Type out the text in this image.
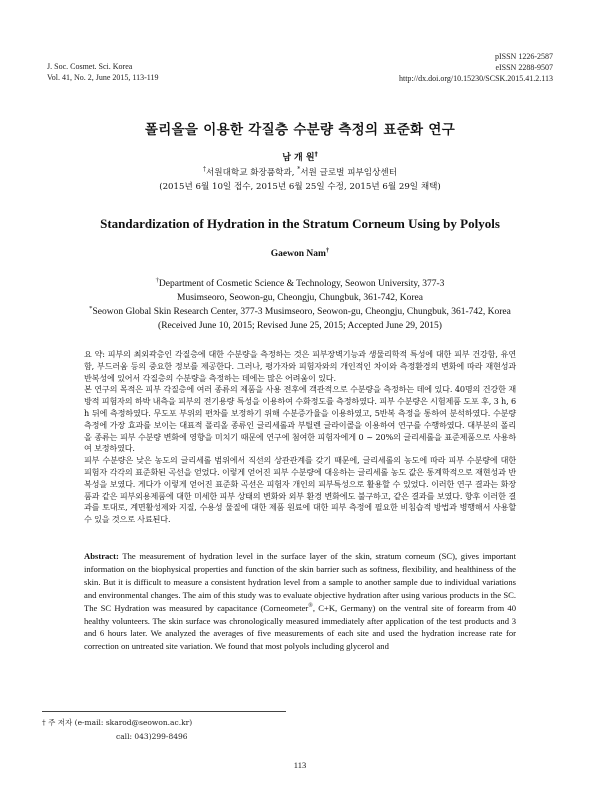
J. Soc. Cosmet. Sci. Korea
Vol. 41, No. 2, June 2015, 113-119
pISSN 1226-2587
eISSN 2288-9507
http://dx.doi.org/10.15230/SCSK.2015.41.2.113
폴리올을 이용한 각질층 수분량 측정의 표준화 연구
남 개 원†
†서원대학교 화장품학과, *서원 글로벌 피부임상센터
(2015년 6월 10일 접수, 2015년 6월 25일 수정, 2015년 6월 29일 채택)
Standardization of Hydration in the Stratum Corneum Using by Polyols
Gaewon Nam†
†Department of Cosmetic Science & Technology, Seowon University, 377-3
Musimseoro, Seowon-gu, Cheongju, Chungbuk, 361-742, Korea
*Seowon Global Skin Research Center, 377-3 Musimseoro, Seowon-gu, Cheongju, Chungbuk, 361-742, Korea
(Received June 10, 2015; Revised June 25, 2015; Accepted June 29, 2015)

요 약: 피부의 최외곽층인 각질층에 대한 수분량을 측정하는 것은 피부장벽기능과 생물리학적 특성에 대한 피부 건강함, 유연함, 부드러움 등의 중요한 정보를 제공한다. 그러나, 평가자와 피험자와의 개인적인 차이와 측정환경의 변화에 따라 재현성과 반복성에 있어서 각질층의 수분량을 측정하는 데에는 많은 어려움이 있다.

본 연구의 목적은 피부 각질층에 여러 종류의 제품을 사용 전후에 객관적으로 수분량을 측정하는 데에 있다. 40명의 건강한 재방적 피험자의 하박 내측을 피부의 전기용량 특성을 이용하여 수화정도를 측정하였다. 피부 수분량은 시험제품 도포 후, 3 h, 6 h 뒤에 측정하였다. 무도포 부위의 편차를 보정하기 위해 수분증가율을 이용하였고, 5반복 측정을 통하여 분석하였다. 수분량 측정에 가장 효과를 보이는 대표적 폴리올 종류인 글리세롤과 부틸렌 글라이콜을 이용하여 연구를 수행하였다. 대부분의 폴리올 종류는 피부 수분량 변화에 영향을 미치기 때문에 연구에 첨여한 피험자에게 0 ~ 20%의 글리세롤을 표준제품으로 사용하여 보정하였다.

피부 수분량은 낮은 농도의 글리세롤 범위에서 직선의 상관관계를 갖기 때문에, 글리세롤의 농도에 따라 피부 수분량에 대한 피험자 각각의 표준화된 곡선을 얻었다. 이렇게 얻어진 피부 수분량에 대응하는 글리세롤 농도 값은 통계학적으로 재현성과 반복성을 보였다. 게다가 이렇게 얻어진 표준화 곡선은 피험자 개인의 피부특성으로 활용할 수 있었다. 이러한 연구 결과는 화장품과 같은 피부외용제품에 대한 미세한 피부 상태의 변화와 외부 환경 변화에도 불구하고, 같은 결과를 보였다. 향후 이러한 결과를 토대로, 계면활성제와 지질, 수용성 물질에 대한 제품 원료에 대한 피부 측정에 필요한 비침습적 방법과 병행해서 사용할 수 있을 것으로 사료된다.

Abstract: The measurement of hydration level in the surface layer of the skin, stratum corneum (SC), gives important information on the biophysical properties and function of the skin barrier such as softness, flexibility, and healthiness of the skin. But it is difficult to measure a consistent hydration level from a sample to another sample due to individual variations and environmental changes. The aim of this study was to evaluate objective hydration after using various products in the SC. The SC Hydration was measured by capacitance (Corneometer®, C+K, Germany) on the ventral site of forearm from 40 healthy volunteers. The skin surface was chronologically measured immediately after application of the test products and 3 and 6 hours later. We analyzed the averages of five measurements of each site and used the hydration increase rate for correction on untreated site variation. We found that most polyols including glycerol and
† 주 저자 (e-mail: skarod@seowon.ac.kr)
call: 043)299-8496
113
